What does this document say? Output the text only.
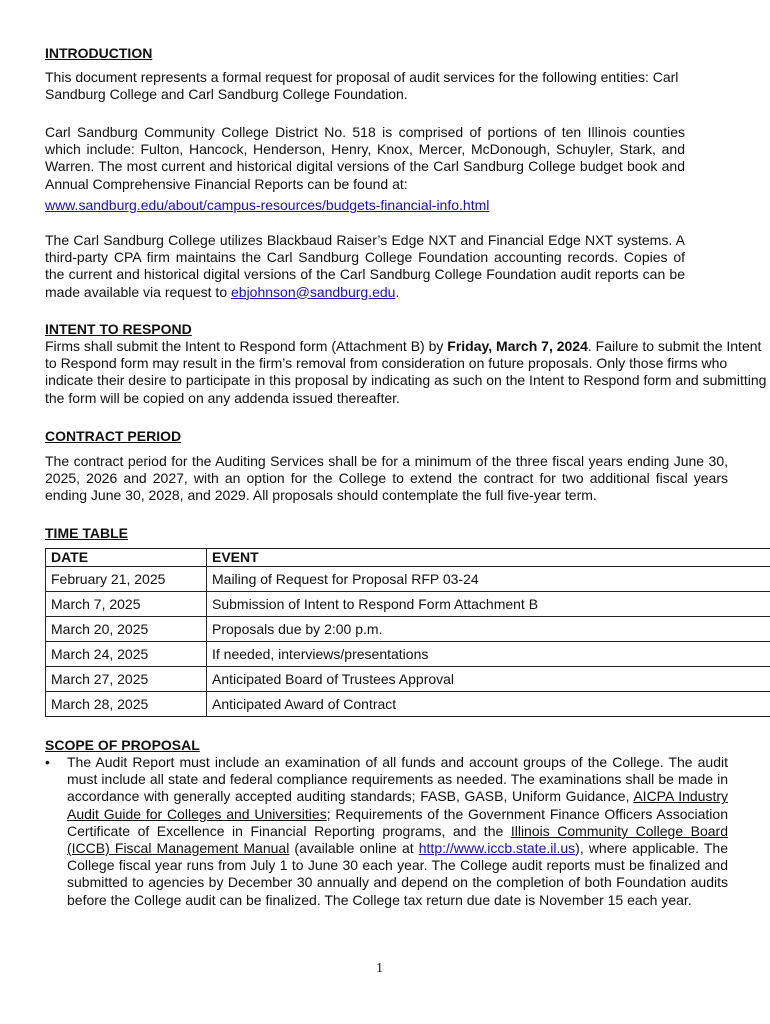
INTRODUCTION

This document represents a formal request for proposal of audit services for the following entities: Carl Sandburg College and Carl Sandburg College Foundation.

Carl Sandburg Community College District No. 518 is comprised of portions of ten Illinois counties which include: Fulton, Hancock, Henderson, Henry, Knox, Mercer, McDonough, Schuyler, Stark, and Warren. The most current and historical digital versions of the Carl Sandburg College budget book and Annual Comprehensive Financial Reports can be found at:

www.sandburg.edu/about/campus-resources/budgets-financial-info.html

The Carl Sandburg College utilizes Blackbaud Raiser’s Edge NXT and Financial Edge NXT systems. A third-party CPA firm maintains the Carl Sandburg College Foundation accounting records. Copies of the current and historical digital versions of the Carl Sandburg College Foundation audit reports can be made available via request to ebjohnson@sandburg.edu.

INTENT TO RESPOND

Firms shall submit the Intent to Respond form (Attachment B) by Friday, March 7, 2024. Failure to submit the Intent to Respond form may result in the firm’s removal from consideration on future proposals. Only those firms who indicate their desire to participate in this proposal by indicating as such on the Intent to Respond form and submitting the form will be copied on any addenda issued thereafter.

CONTRACT PERIOD

The contract period for the Auditing Services shall be for a minimum of the three fiscal years ending June 30, 2025, 2026 and 2027, with an option for the College to extend the contract for two additional fiscal years ending June 30, 2028, and 2029. All proposals should contemplate the full five-year term.

TIME TABLE
DATE	EVENT
February 21, 2025	Mailing of Request for Proposal RFP 03-24
March 7, 2025	Submission of Intent to Respond Form Attachment B
March 20, 2025	Proposals due by 2:00 p.m.
March 24, 2025	If needed, interviews/presentations
March 27, 2025	Anticipated Board of Trustees Approval
March 28, 2025	Anticipated Award of Contract
SCOPE OF PROPOSAL
• The Audit Report must include an examination of all funds and account groups of the College. The audit must include all state and federal compliance requirements as needed. The examinations shall be made in accordance with generally accepted auditing standards; FASB, GASB, Uniform Guidance, AICPA Industry Audit Guide for Colleges and Universities; Requirements of the Government Finance Officers Association Certificate of Excellence in Financial Reporting programs, and the Illinois Community College Board (ICCB) Fiscal Management Manual (available online at http://www.iccb.state.il.us), where applicable. The College fiscal year runs from July 1 to June 30 each year. The College audit reports must be finalized and submitted to agencies by December 30 annually and depend on the completion of both Foundation audits before the College audit can be finalized. The College tax return due date is November 15 each year.

1
